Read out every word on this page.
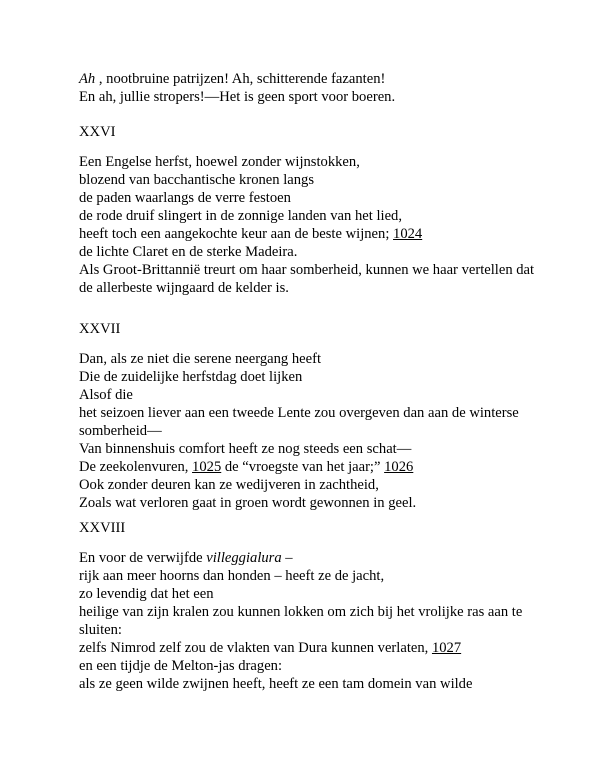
Ah , nootbruine patrijzen! Ah, schitterende fazanten!
En ah, jullie stropers!—Het is geen sport voor boeren.
XXVI
Een Engelse herfst, hoewel zonder wijnstokken,
blozend van bacchantische kronen langs
de paden waarlangs de verre festoen
de rode druif slingert in de zonnige landen van het lied,
heeft toch een aangekochte keur aan de beste wijnen; 1024
de lichte Claret en de sterke Madeira.
Als Groot-Brittannië treurt om haar somberheid, kunnen we haar vertellen dat
de allerbeste wijngaard de kelder is.
XXVII
Dan, als ze niet die serene neergang heeft
Die de zuidelijke herfstdag doet lijken
Alsof die
het seizoen liever aan een tweede Lente zou overgeven dan aan de winterse somberheid—
Van binnenshuis comfort heeft ze nog steeds een schat—
De zeekolenvuren, 1025 de “vroegste van het jaar;” 1026
Ook zonder deuren kan ze wedijveren in zachtheid,
Zoals wat verloren gaat in groen wordt gewonnen in geel.
XXVIII
En voor de verwijfde villeggialura –
rijk aan meer hoorns dan honden – heeft ze de jacht,
zo levendig dat het een
heilige van zijn kralen zou kunnen lokken om zich bij het vrolijke ras aan te sluiten:
zelfs Nimrod zelf zou de vlakten van Dura kunnen verlaten, 1027
en een tijdje de Melton-jas dragen:
als ze geen wilde zwijnen heeft, heeft ze een tam domein van wilde
